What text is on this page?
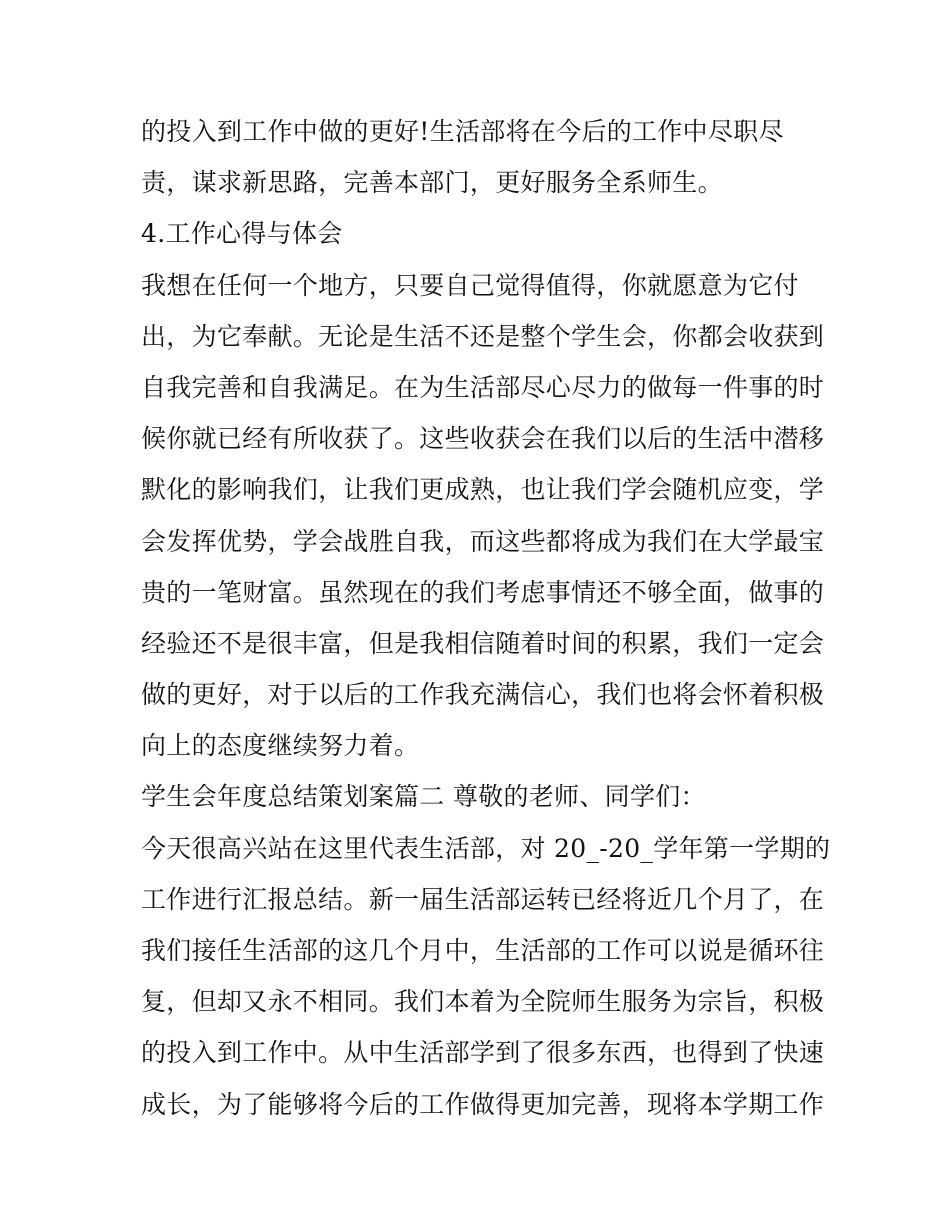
的投入到工作中做的更好!生活部将在今后的工作中尽职尽
责，谋求新思路，完善本部门，更好服务全系师生。
4.工作心得与体会
我想在任何一个地方，只要自己觉得值得，你就愿意为它付
出，为它奉献。无论是生活不还是整个学生会，你都会收获到
自我完善和自我满足。在为生活部尽心尽力的做每一件事的时
候你就已经有所收获了。这些收获会在我们以后的生活中潜移
默化的影响我们，让我们更成熟，也让我们学会随机应变，学
会发挥优势，学会战胜自我，而这些都将成为我们在大学最宝
贵的一笔财富。虽然现在的我们考虑事情还不够全面，做事的
经验还不是很丰富，但是我相信随着时间的积累，我们一定会
做的更好，对于以后的工作我充满信心，我们也将会怀着积极
向上的态度继续努力着。
学生会年度总结策划案篇二 尊敬的老师、同学们：
今天很高兴站在这里代表生活部，对 20_-20_学年第一学期的
工作进行汇报总结。新一届生活部运转已经将近几个月了，在
我们接任生活部的这几个月中，生活部的工作可以说是循环往
复，但却又永不相同。我们本着为全院师生服务为宗旨，积极
的投入到工作中。从中生活部学到了很多东西，也得到了快速
成长，为了能够将今后的工作做得更加完善，现将本学期工作
